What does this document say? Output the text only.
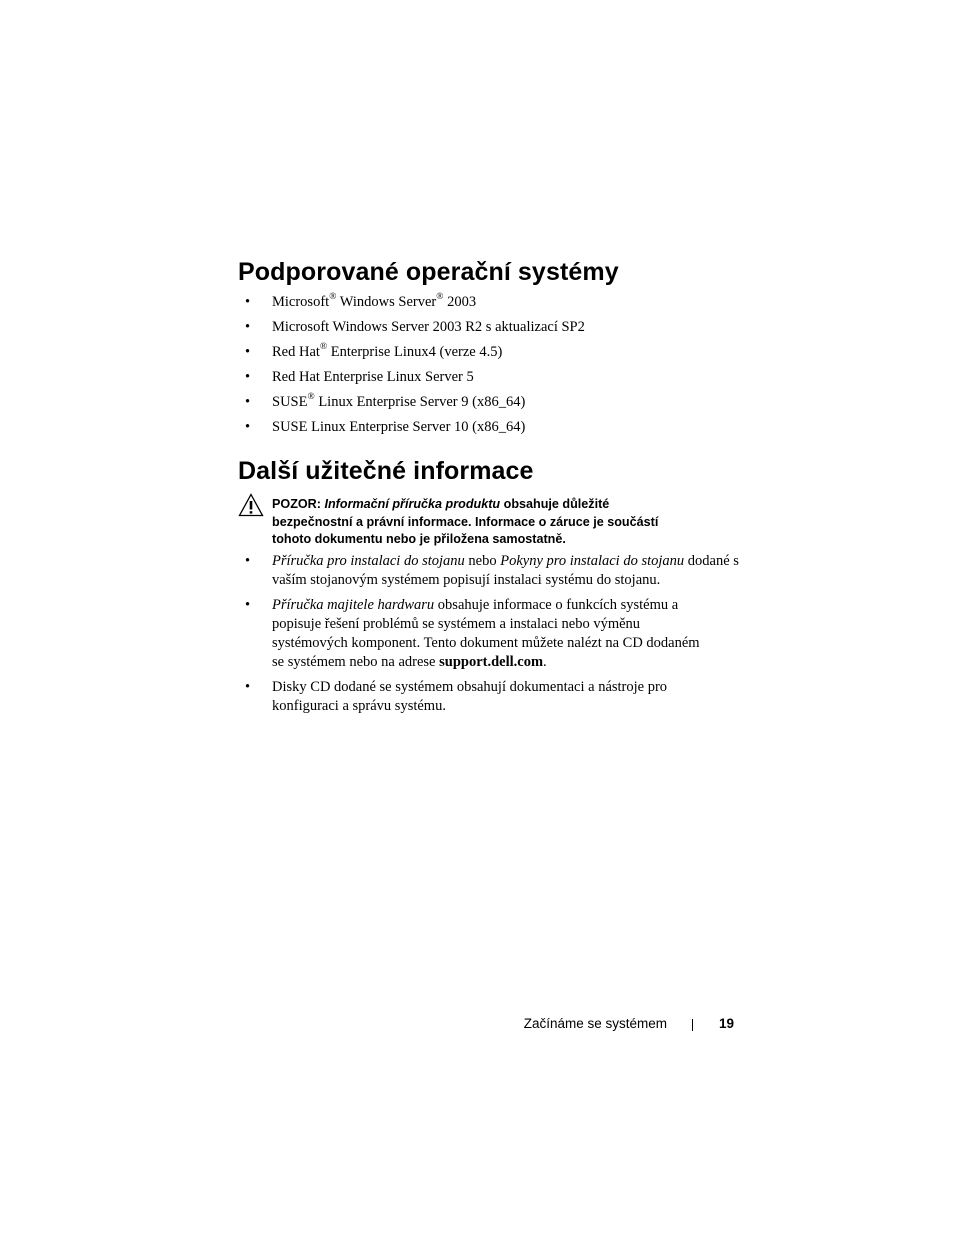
Podporované operační systémy
• Microsoft® Windows Server® 2003
• Microsoft Windows Server 2003 R2 s aktualizací SP2
• Red Hat® Enterprise Linux4 (verze 4.5)
• Red Hat Enterprise Linux Server 5
• SUSE® Linux Enterprise Server 9 (x86_64)
• SUSE Linux Enterprise Server 10 (x86_64)
Další užitečné informace
POZOR: Informační příručka produktu obsahuje důležité bezpečnostní a právní informace. Informace o záruce je součástí tohoto dokumentu nebo je přiložena samostatně.
• Příručka pro instalaci do stojanu nebo Pokyny pro instalaci do stojanu dodané s vaším stojanovým systémem popisují instalaci systému do stojanu.
• Příručka majitele hardwaru obsahuje informace o funkcích systému a popisuje řešení problémů se systémem a instalaci nebo výměnu systémových komponent. Tento dokument můžete nalézt na CD dodaném se systémem nebo na adrese support.dell.com.
• Disky CD dodané se systémem obsahují dokumentaci a nástroje pro konfiguraci a správu systému.
Začínáme se systémem	19
